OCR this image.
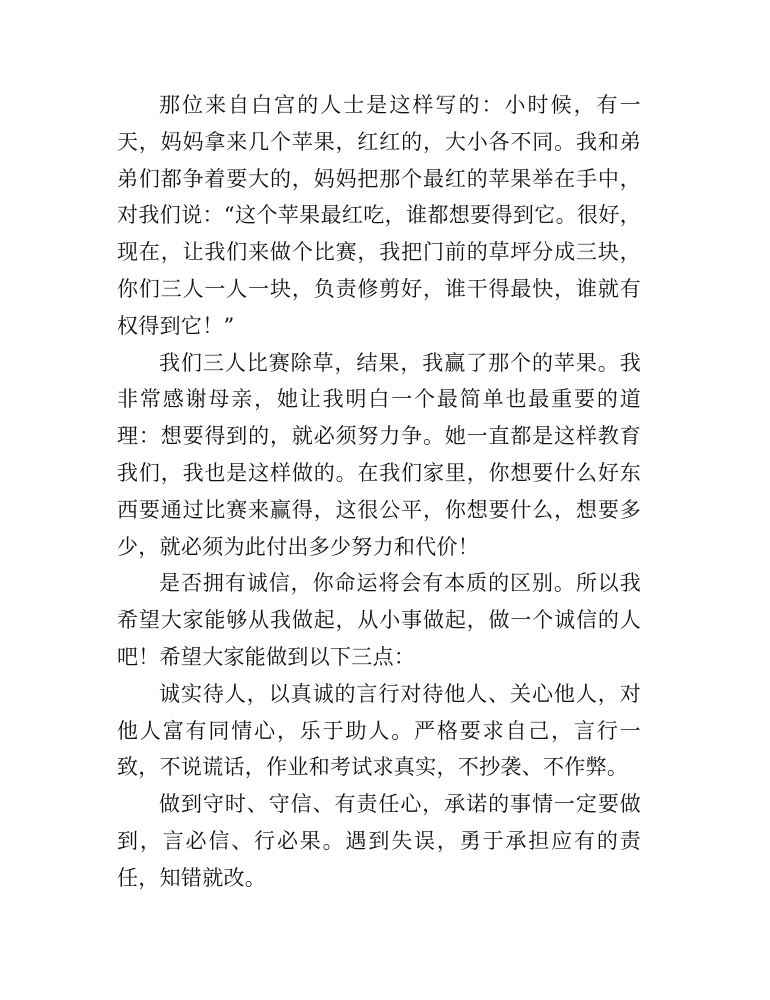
那位来自白宫的人士是这样写的：小时候，有一天，妈妈拿来几个苹果，红红的，大小各不同。我和弟弟们都争着要大的，妈妈把那个最红的苹果举在手中，对我们说：“这个苹果最红吃，谁都想要得到它。很好，现在，让我们来做个比赛，我把门前的草坪分成三块，你们三人一人一块，负责修剪好，谁干得最快，谁就有权得到它！”

我们三人比赛除草，结果，我赢了那个的苹果。我非常感谢母亲，她让我明白一个最简单也最重要的道理：想要得到的，就必须努力争。她一直都是这样教育我们，我也是这样做的。在我们家里，你想要什么好东西要通过比赛来赢得，这很公平，你想要什么，想要多少，就必须为此付出多少努力和代价！

是否拥有诚信，你命运将会有本质的区别。所以我希望大家能够从我做起，从小事做起，做一个诚信的人吧！希望大家能做到以下三点：

诚实待人，以真诚的言行对待他人、关心他人，对他人富有同情心，乐于助人。严格要求自己，言行一致，不说谎话，作业和考试求真实，不抄袭、不作弊。

做到守时、守信、有责任心，承诺的事情一定要做到，言必信、行必果。遇到失误，勇于承担应有的责任，知错就改。
